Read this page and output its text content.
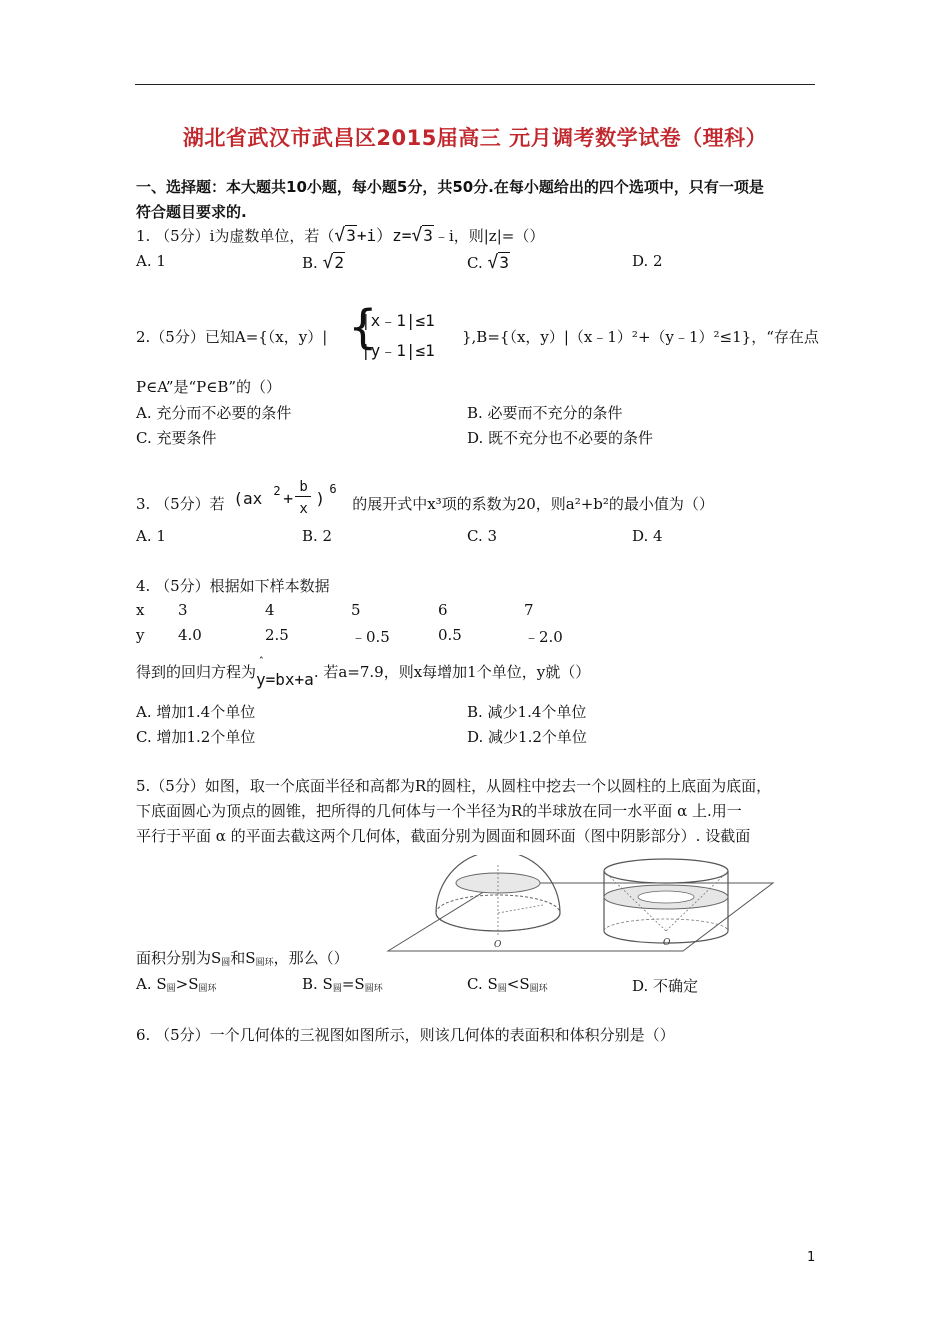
湖北省武汉市武昌区2015届高三 元月调考数学试卷（理科）
一、选择题：本大题共10小题，每小题5分，共50分.在每小题给出的四个选项中，只有一项是
符合题目要求的.
1. （5分）i为虚数单位，若（√3+i）z=√3﹣i，则|z|=（）
A. 1	B. √2	C. √3	D. 2
2.（5分）已知A={（x，y）| {
|x﹣1|≤1
|y﹣1|≤1
},B={（x，y）|（x﹣1）²+（y﹣1）²≤1}，“存在点
P∈A”是“P∈B”的（）
A. 充分而不必要的条件	B. 必要而不充分的条件
C. 充要条件	D. 既不充分也不必要的条件
3. （5分）若 (ax 2 +
b
x
) 6
的展开式中x³项的系数为20，则a²+b²的最小值为（）
A. 1	B. 2	C. 3	D. 4
4. （5分）根据如下样本数据
x 3	4	5	6	7
y 4.0	2.5	﹣0.5	0.5	﹣2.0
得到的回归方程为
ˆ
y=bx+a. 若a=7.9，则x每增加1个单位，y就（）
A. 增加1.4个单位	B. 减少1.4个单位
C. 增加1.2个单位	D. 减少1.2个单位
5.（5分）如图，取一个底面半径和高都为R的圆柱，从圆柱中挖去一个以圆柱的上底面为底面，
下底面圆心为顶点的圆锥，把所得的几何体与一个半径为R的半球放在同一水平面 α 上.用一
平行于平面 α 的平面去截这两个几何体，截面分别为圆面和圆环面（图中阴影部分）. 设截面
O	O
面积分别为$S_圆$和$S_{圆环}$，那么（）
A. $S_圆>S_{圆环}$	B. $S_圆=S_{圆环}$	C. $S_圆<S_{圆环}$	D. 不确定
6. （5分）一个几何体的三视图如图所示，则该几何体的表面积和体积分别是（）
1
